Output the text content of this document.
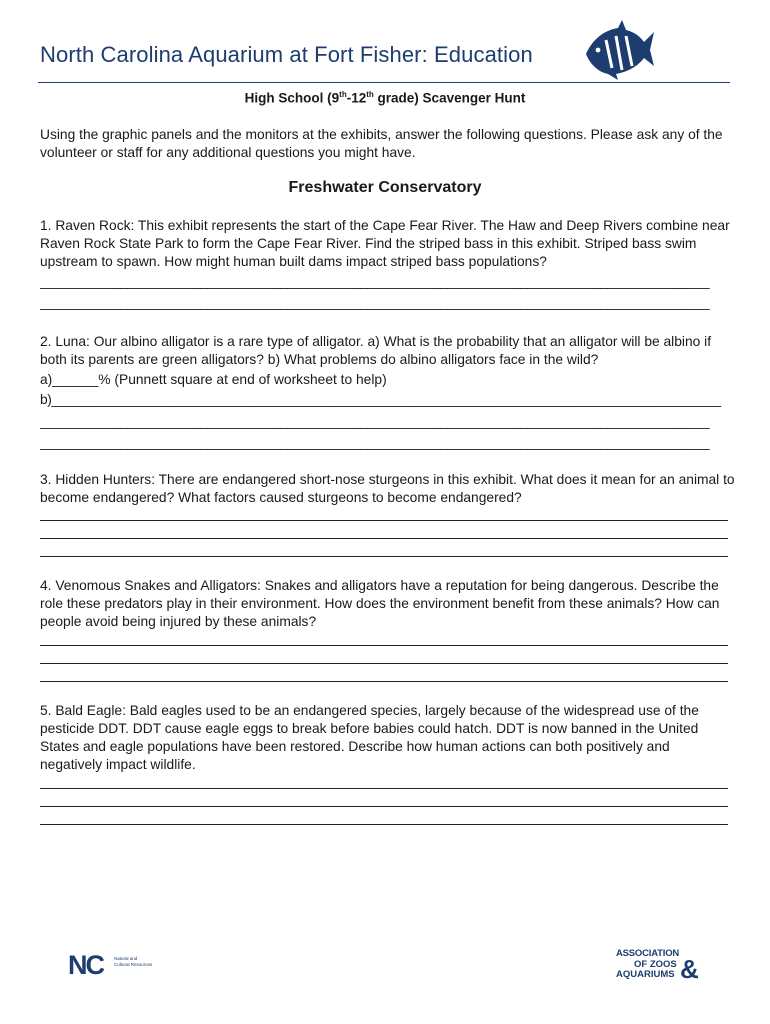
North Carolina Aquarium at Fort Fisher: Education
High School (9th-12th grade) Scavenger Hunt
Using the graphic panels and the monitors at the exhibits, answer the following questions. Please ask any of the volunteer or staff for any additional questions you might have.
Freshwater Conservatory
1. Raven Rock: This exhibit represents the start of the Cape Fear River. The Haw and Deep Rivers combine near Raven Rock State Park to form the Cape Fear River. Find the striped bass in this exhibit. Striped bass swim upstream to spawn. How might human built dams impact striped bass populations?
____________________________________________________________________________________________
____________________________________________________________________________________________
2. Luna: Our albino alligator is a rare type of alligator. a) What is the probability that an alligator will be albino if both its parents are green alligators? b) What problems do albino alligators face in the wild?
a)______% (Punnett square at end of worksheet to help)
b)____________________________________________________________________________________________
____________________________________________________________________________________________
____________________________________________________________________________________________
3. Hidden Hunters: There are endangered short-nose sturgeons in this exhibit. What does it mean for an animal to become endangered? What factors caused sturgeons to become endangered?
4. Venomous Snakes and Alligators: Snakes and alligators have a reputation for being dangerous. Describe the role these predators play in their environment. How does the environment benefit from these animals? How can people avoid being injured by these animals?
5. Bald Eagle: Bald eagles used to be an endangered species, largely because of the widespread use of the pesticide DDT. DDT cause eagle eggs to break before babies could hatch. DDT is now banned in the United States and eagle populations have been restored. Describe how human actions can both positively and negatively impact wildlife.
NC Natural and Cultural Resources
ASSOCIATION
OF ZOOS
AQUARIUMS &
